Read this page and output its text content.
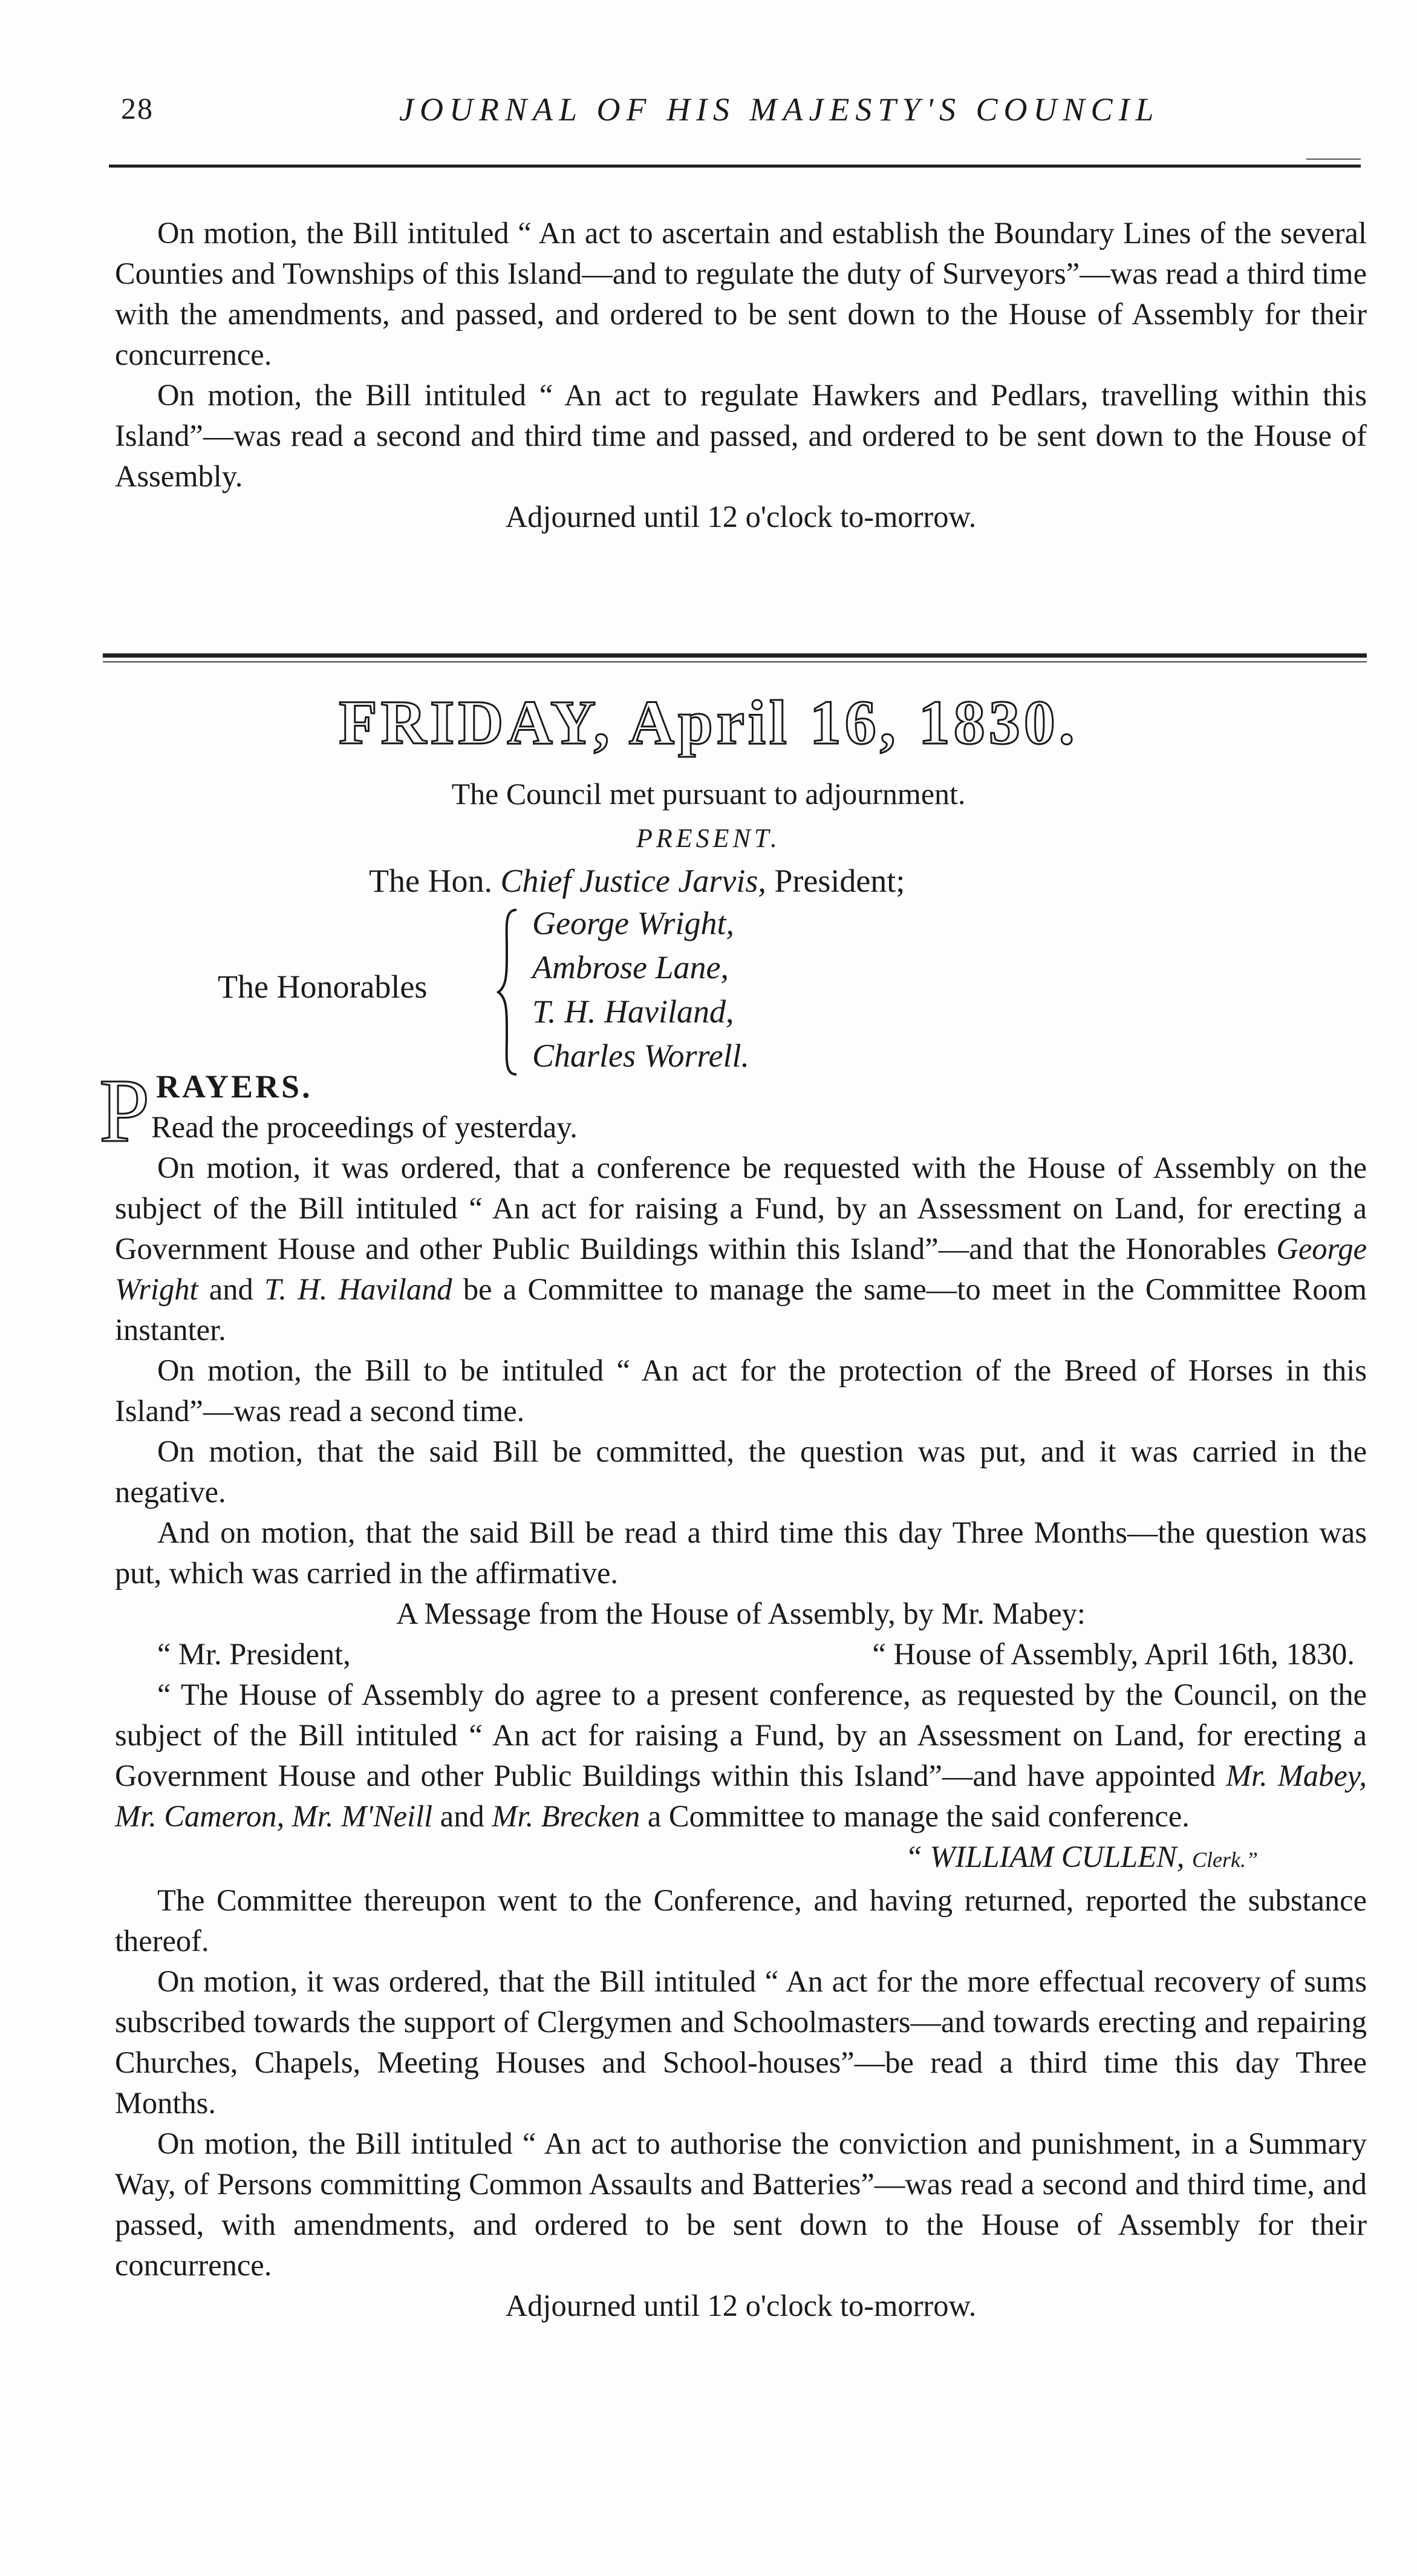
28	JOURNAL OF HIS MAJESTY'S COUNCIL

On motion, the Bill intituled “ An act to ascertain and establish the Boundary Lines of the several Counties and Townships of this Island—and to regulate the duty of Surveyors”—was read a third time with the amendments, and passed, and ordered to be sent down to the House of Assembly for their concurrence.

On motion, the Bill intituled “ An act to regulate Hawkers and Pedlars, travelling within this Island”—was read a second and third time and passed, and ordered to be sent down to the House of Assembly.

Adjourned until 12 o'clock to-morrow.

FRIDAY, April 16, 1830.
The Council met pursuant to adjournment.
PRESENT.
The Hon. Chief Justice Jarvis, President;
The Honorables
George Wright,
Ambrose Lane,
T. H. Haviland,
Charles Worrell.
P RAYERS.

Read the proceedings of yesterday.

On motion, it was ordered, that a conference be requested with the House of Assembly on the subject of the Bill intituled “ An act for raising a Fund, by an Assessment on Land, for erecting a Government House and other Public Buildings within this Island”—and that the Honorables George Wright and T. H. Haviland be a Committee to manage the same—to meet in the Committee Room instanter.

On motion, the Bill to be intituled “ An act for the protection of the Breed of Horses in this Island”—was read a second time.

On motion, that the said Bill be committed, the question was put, and it was carried in the negative.

And on motion, that the said Bill be read a third time this day Three Months—the question was put, which was carried in the affirmative.

A Message from the House of Assembly, by Mr. Mabey:

“ Mr. President,	“ House of Assembly, April 16th, 1830.

“ The House of Assembly do agree to a present conference, as requested by the Council, on the subject of the Bill intituled “ An act for raising a Fund, by an Assessment on Land, for erecting a Government House and other Public Buildings within this Island”—and have appointed Mr. Mabey, Mr. Cameron, Mr. M'Neill and Mr. Brecken a Committee to manage the said conference.

“ WILLIAM CULLEN, Clerk.”

The Committee thereupon went to the Conference, and having returned, reported the substance thereof.

On motion, it was ordered, that the Bill intituled “ An act for the more effectual recovery of sums subscribed towards the support of Clergymen and Schoolmasters—and towards erecting and repairing Churches, Chapels, Meeting Houses and School-houses”—be read a third time this day Three Months.

On motion, the Bill intituled “ An act to authorise the conviction and punishment, in a Summary Way, of Persons committing Common Assaults and Batteries”—was read a second and third time, and passed, with amendments, and ordered to be sent down to the House of Assembly for their concurrence.

Adjourned until 12 o'clock to-morrow.
